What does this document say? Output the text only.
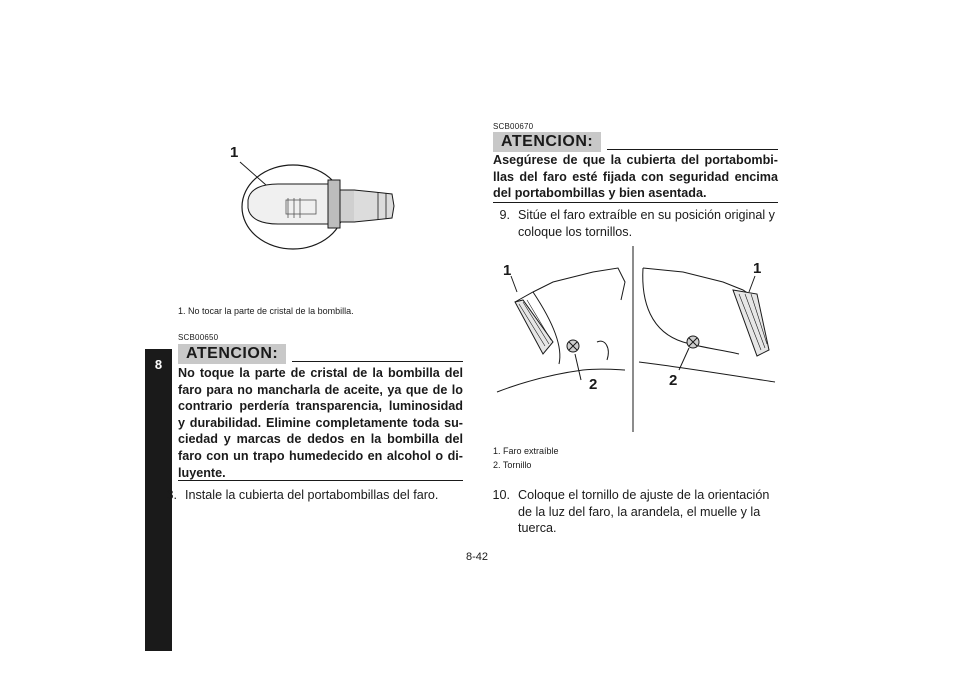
8
1
1. No tocar la parte de cristal de la bombilla.
SCB00650
ATENCION:
No toque la parte de cristal de la bombilla del faro para no mancharla de aceite, ya que de lo contrario perdería transparencia, luminosidad y durabilidad. Elimine completamente toda su-ciedad y marcas de dedos en la bombilla del faro con un trapo humedecido en alcohol o di-luyente.
8. Instale la cubierta del portabombillas del faro.
SCB00670
ATENCION:
Asegúrese de que la cubierta del portabombi-llas del faro esté fijada con seguridad encima del portabombillas y bien asentada.
9. Sitúe el faro extraíble en su posición original y coloque los tornillos.
1
2
1
2
1. Faro extraíble
2. Tornillo
10. Coloque el tornillo de ajuste de la orientación de la luz del faro, la arandela, el muelle y la tuerca.
8-42
